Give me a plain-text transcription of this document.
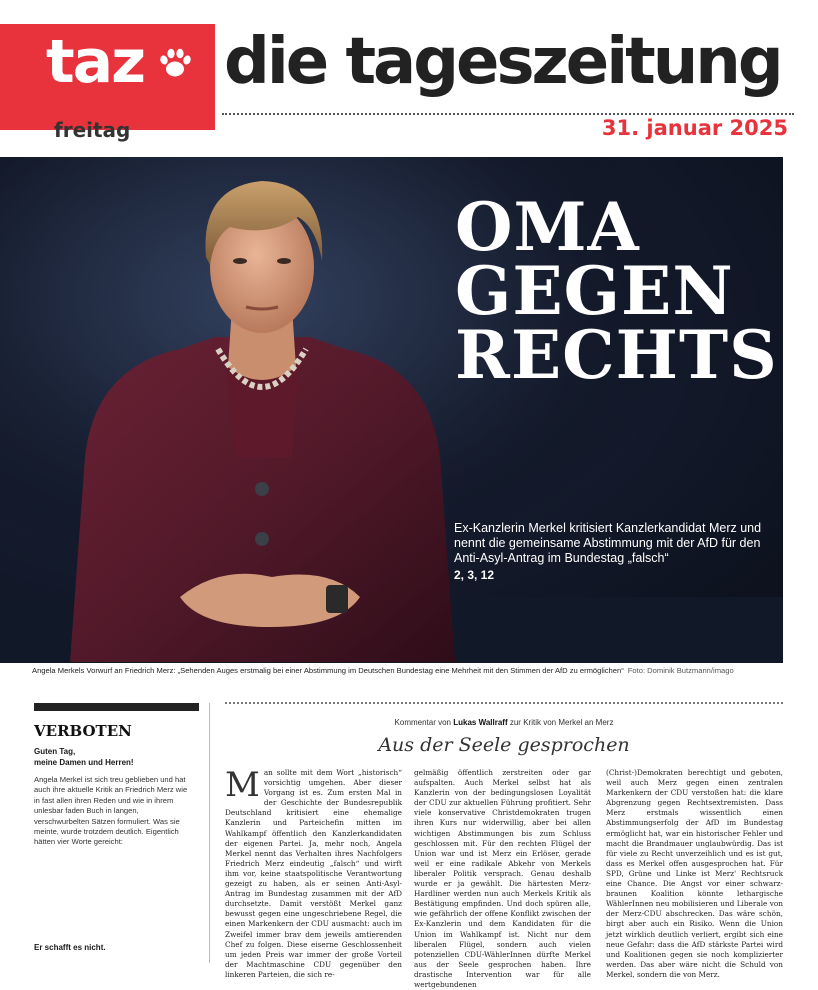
taz die tageszeitung
freitag	31. januar 2025
OMA
GEGEN
RECHTS
Ex-Kanzlerin Merkel kritisiert Kanzlerkandidat Merz und nennt die gemeinsame Abstimmung mit der AfD für den Anti-Asyl-Antrag im Bundestag „falsch“
2, 3, 12
Angela Merkels Vorwurf an Friedrich Merz: „Sehenden Auges erstmalig bei einer Abstimmung im Deutschen Bundestag eine Mehrheit mit den Stimmen der AfD zu ermöglichen“ Foto: Dominik Butzmann/imago
VERBOTEN
Guten Tag,
meine Damen und Herren!
Angela Merkel ist sich treu geblieben und hat auch ihre aktuelle Kritik an Friedrich Merz wie in fast allen ihren Reden und wie in ihrem unlesbar faden Buch in langen, verschwurbelten Sätzen formuliert. Was sie meinte, wurde trotzdem deutlich. Eigentlich hätten vier Worte gereicht:
Er schafft es nicht.
Kommentar von Lukas Wallraff zur Kritik von Merkel an Merz
Aus der Seele gesprochen
Man sollte mit dem Wort „historisch“ vorsichtig umgehen. Aber dieser Vorgang ist es. Zum ersten Mal in der Geschichte der Bundesrepublik Deutschland kritisiert eine ehemalige Kanzlerin und Parteichefin mitten im Wahlkampf öffentlich den Kanzlerkandidaten der eigenen Partei. Ja, mehr noch, Angela Merkel nennt das Verhalten ihres Nachfolgers Friedrich Merz eindeutig „falsch“ und wirft ihm vor, keine staatspolitische Verantwortung gezeigt zu haben, als er seinen Anti-Asyl-Antrag im Bundestag zusammen mit der AfD durchsetzte. Damit verstößt Merkel ganz bewusst gegen eine ungeschriebene Regel, die einen Markenkern der CDU ausmacht: auch im Zweifel immer brav dem jeweils amtierenden Chef zu folgen. Diese eiserne Geschlossenheit um jeden Preis war immer der große Vorteil der Machtmaschine CDU gegenüber den linkeren Parteien, die sich re-
gelmäßig öffentlich zerstreiten oder gar aufspalten. Auch Merkel selbst hat als Kanzlerin von der bedingungslosen Loyalität der CDU zur aktuellen Führung profitiert. Sehr viele konservative Christdemokraten trugen ihren Kurs nur widerwillig, aber bei allen wichtigen Abstimmungen bis zum Schluss geschlossen mit. Für den rechten Flügel der Union war und ist Merz ein Erlöser, gerade weil er eine radikale Abkehr von Merkels liberaler Politik versprach. Genau deshalb wurde er ja gewählt. Die härtesten Merz-Hardliner werden nun auch Merkels Kritik als Bestätigung empfinden. Und doch spüren alle, wie gefährlich der offene Konflikt zwischen der Ex-Kanzlerin und dem Kandidaten für die Union im Wahlkampf ist. Nicht nur dem liberalen Flügel, sondern auch vielen potenziellen CDU-WählerInnen dürfte Merkel aus der Seele gesprochen haben. Ihre drastische Intervention war für alle wertgebundenen
(Christ-)Demokraten berechtigt und geboten, weil auch Merz gegen einen zentralen Markenkern der CDU verstoßen hat: die klare Abgrenzung gegen Rechtsextremisten. Dass Merz erstmals wissentlich einen Abstimmungserfolg der AfD im Bundestag ermöglicht hat, war ein historischer Fehler und macht die Brandmauer unglaubwürdig. Das ist für viele zu Recht unverzeihlich und es ist gut, dass es Merkel offen ausgesprochen hat. Für SPD, Grüne und Linke ist Merz' Rechtsruck eine Chance. Die Angst vor einer schwarz-braunen Koalition könnte lethargische WählerInnen neu mobilisieren und Liberale von der Merz-CDU abschrecken. Das wäre schön, birgt aber auch ein Risiko. Wenn die Union jetzt wirklich deutlich verliert, ergibt sich eine neue Gefahr: dass die AfD stärkste Partei wird und Koalitionen gegen sie noch komplizierter werden. Das aber wäre nicht die Schuld von Merkel, sondern die von Merz.
